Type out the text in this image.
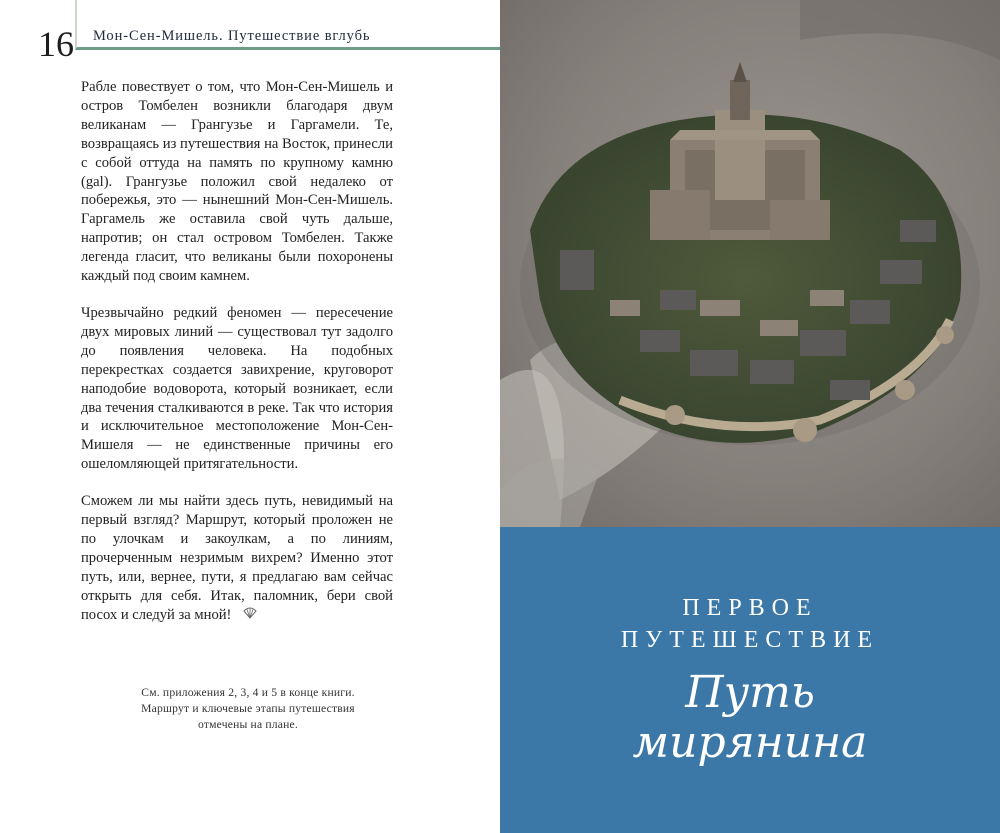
16 Мон-Сен-Мишель. Путешествие вглубь

Рабле повествует о том, что Мон-Сен-Мишель и остров Томбелен возникли благодаря двум великанам — Грангузье и Гаргамели. Те, возвращаясь из путешествия на Восток, принесли с собой оттуда на память по крупному камню (gal). Грангузье положил свой недалеко от побережья, это — нынешний Мон-Сен-Мишель. Гаргамель же оставила свой чуть дальше, напротив; он стал островом Томбелен. Также легенда гласит, что великаны были похоронены каждый под своим камнем.

Чрезвычайно редкий феномен — пересечение двух мировых линий — существовал тут задолго до появления человека. На подобных перекрестках создается завихрение, круговорот наподобие водоворота, который возникает, если два течения сталкиваются в реке. Так что история и исключительное местоположение Мон-Сен-Мишеля — не единственные причины его ошеломляющей притягательности.

Сможем ли мы найти здесь путь, невидимый на первый взгляд? Маршрут, который проложен не по улочкам и закоулкам, а по линиям, прочерченным незримым вихрем? Именно этот путь, или, вернее, пути, я предлагаю вам сейчас открыть для себя. Итак, паломник, бери свой посох и следуй за мной!

См. приложения 2, 3, 4 и 5 в конце книги.
Маршрут и ключевые этапы путешествия
отмечены на плане.
ПЕРВОЕ
ПУТЕШЕСТВИЕ
Путь
мирянина
